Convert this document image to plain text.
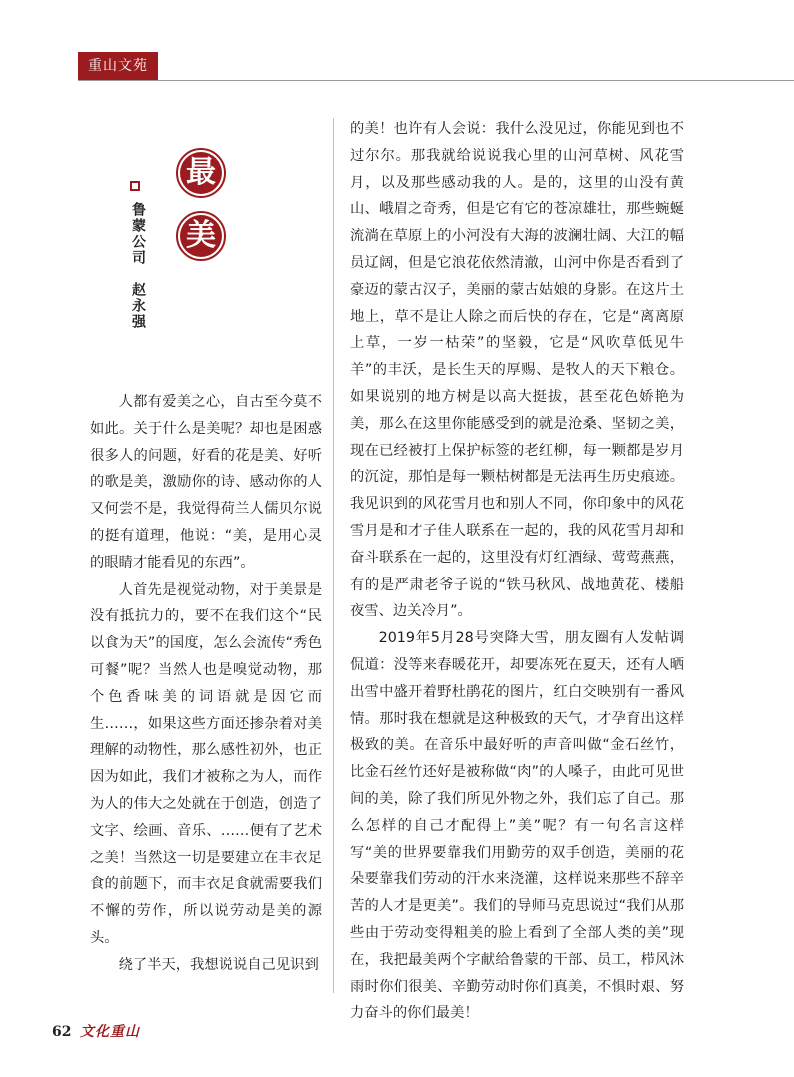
重山文苑
最
美
鲁蒙公司
赵永强

人都有爱美之心，自古至今莫不如此。关于什么是美呢？却也是困惑很多人的问题，好看的花是美、好听的歌是美，激励你的诗、感动你的人又何尝不是，我觉得荷兰人儒贝尔说的挺有道理，他说：“美，是用心灵的眼睛才能看见的东西”。

人首先是视觉动物，对于美景是没有抵抗力的，要不在我们这个“民以食为天”的国度，怎么会流传“秀色可餐”呢？当然人也是嗅觉动物，那个色香味美的词语就是因它而生……，如果这些方面还掺杂着对美理解的动物性，那么感性初外，也正因为如此，我们才被称之为人，而作为人的伟大之处就在于创造，创造了文字、绘画、音乐、……便有了艺术之美！当然这一切是要建立在丰衣足食的前题下，而丰衣足食就需要我们不懈的劳作，所以说劳动是美的源头。

绕了半天，我想说说自己见识到

的美！也许有人会说：我什么没见过，你能见到也不过尔尔。那我就给说说我心里的山河草树、风花雪月，以及那些感动我的人。是的，这里的山没有黄山、峨眉之奇秀，但是它有它的苍凉雄壮，那些蜿蜒流淌在草原上的小河没有大海的波澜壮阔、大江的幅员辽阔，但是它浪花依然清澈，山河中你是否看到了豪迈的蒙古汉子，美丽的蒙古姑娘的身影。在这片土地上，草不是让人除之而后快的存在，它是“离离原上草，一岁一枯荣”的坚毅，它是“风吹草低见牛羊”的丰沃，是长生天的厚赐、是牧人的天下粮仓。如果说别的地方树是以高大挺拔，甚至花色娇艳为美，那么在这里你能感受到的就是沧桑、坚韧之美，现在已经被打上保护标签的老红柳，每一颗都是岁月的沉淀，那怕是每一颗枯树都是无法再生历史痕迹。我见识到的风花雪月也和别人不同，你印象中的风花雪月是和才子佳人联系在一起的，我的风花雪月却和奋斗联系在一起的，这里没有灯红酒绿、莺莺燕燕，有的是严肃老爷子说的“铁马秋风、战地黄花、楼船夜雪、边关冷月”。

2019年5月28号突降大雪，朋友圈有人发帖调侃道：没等来春暖花开，却要冻死在夏天，还有人晒出雪中盛开着野杜鹃花的图片，红白交映别有一番风情。那时我在想就是这种极致的天气，才孕育出这样极致的美。在音乐中最好听的声音叫做“金石丝竹，比金石丝竹还好是被称做“肉”的人嗓子，由此可见世间的美，除了我们所见外物之外，我们忘了自己。那么怎样的自己才配得上”美”呢？有一句名言这样写“美的世界要靠我们用勤劳的双手创造，美丽的花朵要靠我们劳动的汗水来浇灌，这样说来那些不辞辛苦的人才是更美”。我们的导师马克思说过“我们从那些由于劳动变得粗美的脸上看到了全部人类的美”现在，我把最美两个字献给鲁蒙的干部、员工，栉风沐雨时你们很美、辛勤劳动时你们真美，不惧时艰、努力奋斗的你们最美！

62 文化重山
